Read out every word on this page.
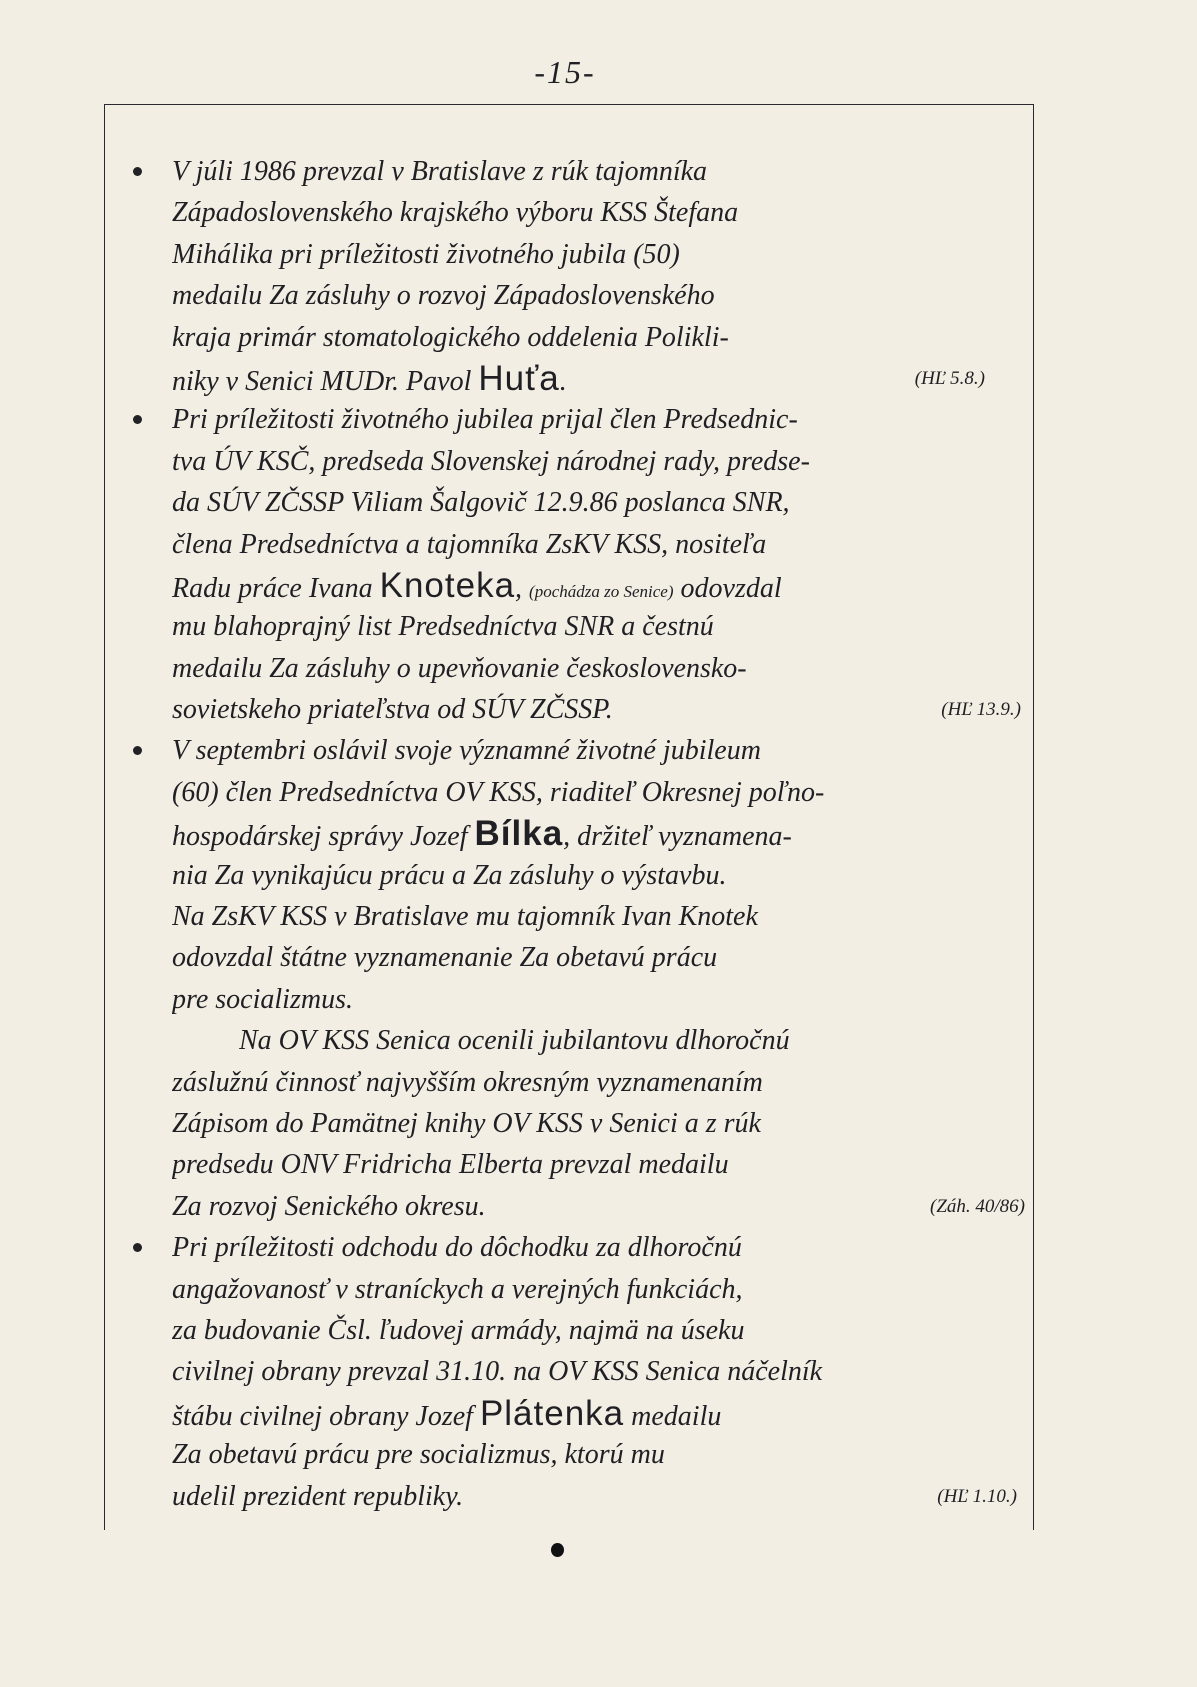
-15-
V júli 1986 prevzal v Bratislave z rúk tajomníka
Západoslovenského krajského výboru KSS Štefana
Mihálika pri príležitosti životného jubila (50)
medailu Za zásluhy o rozvoj Západoslovenského
kraja primár stomatologického oddelenia Polikli-
niky v Senici MUDr. Pavol Huťa.	(HĽ 5.8.)
Pri príležitosti životného jubilea prijal člen Predsednic-
tva ÚV KSČ, predseda Slovenskej národnej rady, predse-
da SÚV ZČSSP Viliam Šalgovič 12.9.86 poslanca SNR,
člena Predsedníctva a tajomníka ZsKV KSS, nositeľa
Radu práce Ivana Knoteka, (pochádza zo Senice) odovzdal
mu blahoprajný list Predsedníctva SNR a čestnú
medailu Za zásluhy o upevňovanie československo-
sovietskeho priateľstva od SÚV ZČSSP.	(HĽ 13.9.)
V septembri oslávil svoje významné životné jubileum
(60) člen Predsedníctva OV KSS, riaditeľ Okresnej poľno-
hospodárskej správy Jozef Bílka, držiteľ vyznamena-
nia Za vynikajúcu prácu a Za zásluhy o výstavbu.
Na ZsKV KSS v Bratislave mu tajomník Ivan Knotek
odovzdal štátne vyznamenanie Za obetavú prácu
pre socializmus.
Na OV KSS Senica ocenili jubilantovu dlhoročnú
záslužnú činnosť najvyšším okresným vyznamenaním
Zápisom do Pamätnej knihy OV KSS v Senici a z rúk
predsedu ONV Fridricha Elberta prevzal medailu
Za rozvoj Senického okresu.	(Záh. 40/86)
Pri príležitosti odchodu do dôchodku za dlhoročnú
angažovanosť v straníckych a verejných funkciách,
za budovanie Čsl. ľudovej armády, najmä na úseku
civilnej obrany prevzal 31.10. na OV KSS Senica náčelník
štábu civilnej obrany Jozef Plátenka medailu
Za obetavú prácu pre socializmus, ktorú mu
udelil prezident republiky.	(HĽ 1.10.)
